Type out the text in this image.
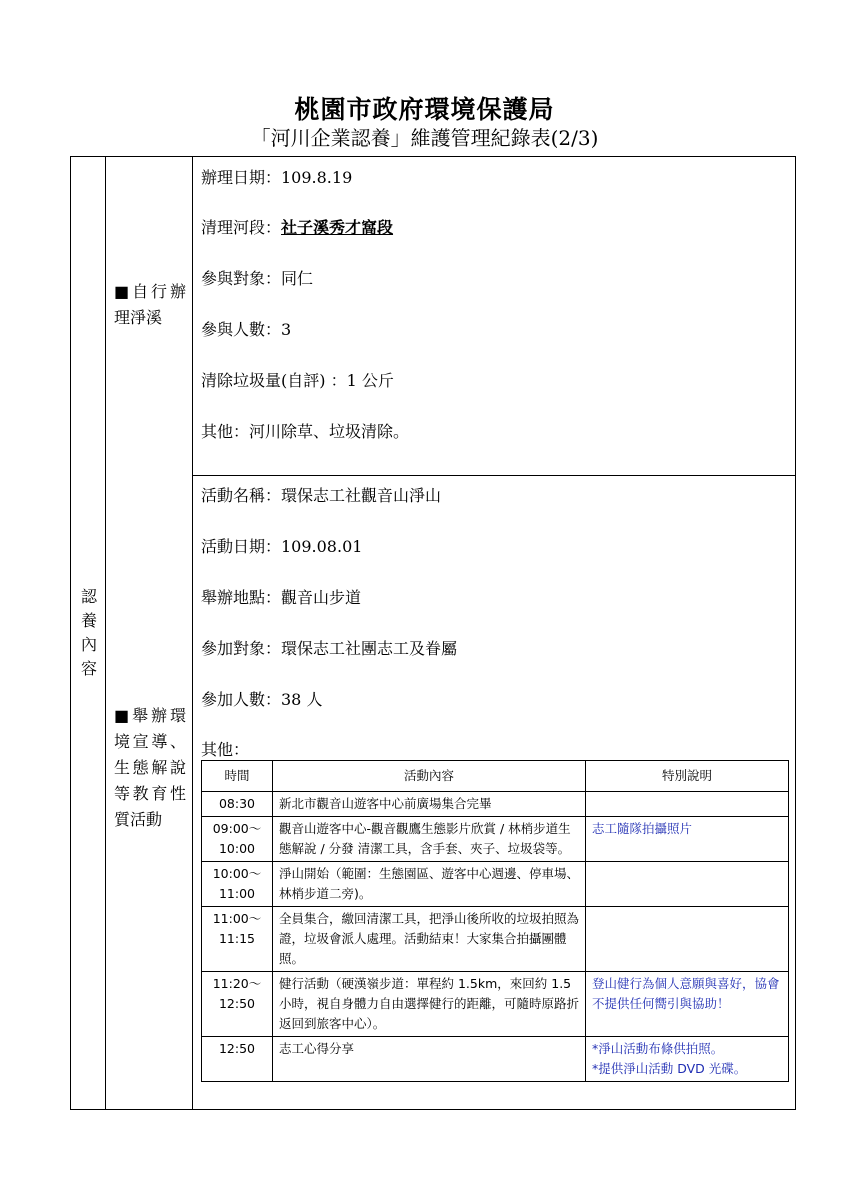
桃園市政府環境保護局
「河川企業認養」維護管理紀錄表(2/3)
認
養
內
容
■自行辦理淨溪
辦理日期：109.8.19
清理河段：社子溪秀才窩段
參與對象：同仁
參與人數：3
清除垃圾量(自評) ：1 公斤
其他：河川除草、垃圾清除。
■舉辦環境宣導、生態解說等教育性質活動
活動名稱：環保志工社觀音山淨山
活動日期：109.08.01
舉辦地點：觀音山步道
參加對象：環保志工社團志工及眷屬
參加人數：38 人
其他：
時間	活動內容	特別說明
08:30	新北市觀音山遊客中心前廣場集合完畢	
09:00～10:00	觀音山遊客中心-觀音觀鷹生態影片欣賞 / 林梢步道生態解說 / 分發 清潔工具，含手套、夾子、垃圾袋等。	志工隨隊拍攝照片
10:00～11:00	淨山開始（範圍：生態園區、遊客中心週邊、停車場、林梢步道二旁)。	
11:00～11:15	全員集合，繳回清潔工具，把淨山後所收的垃圾拍照為證，垃圾會派人處理。活動結束！大家集合拍攝團體照。	
11:20～12:50	健行活動（硬漢嶺步道：單程約 1.5km，來回約 1.5小時，視自身體力自由選擇健行的距離，可隨時原路折返回到旅客中心）。	登山健行為個人意願與喜好，協會不提供任何嚮引與協助！
12:50	志工心得分享	*淨山活動布條供拍照。
*提供淨山活動 DVD 光碟。
